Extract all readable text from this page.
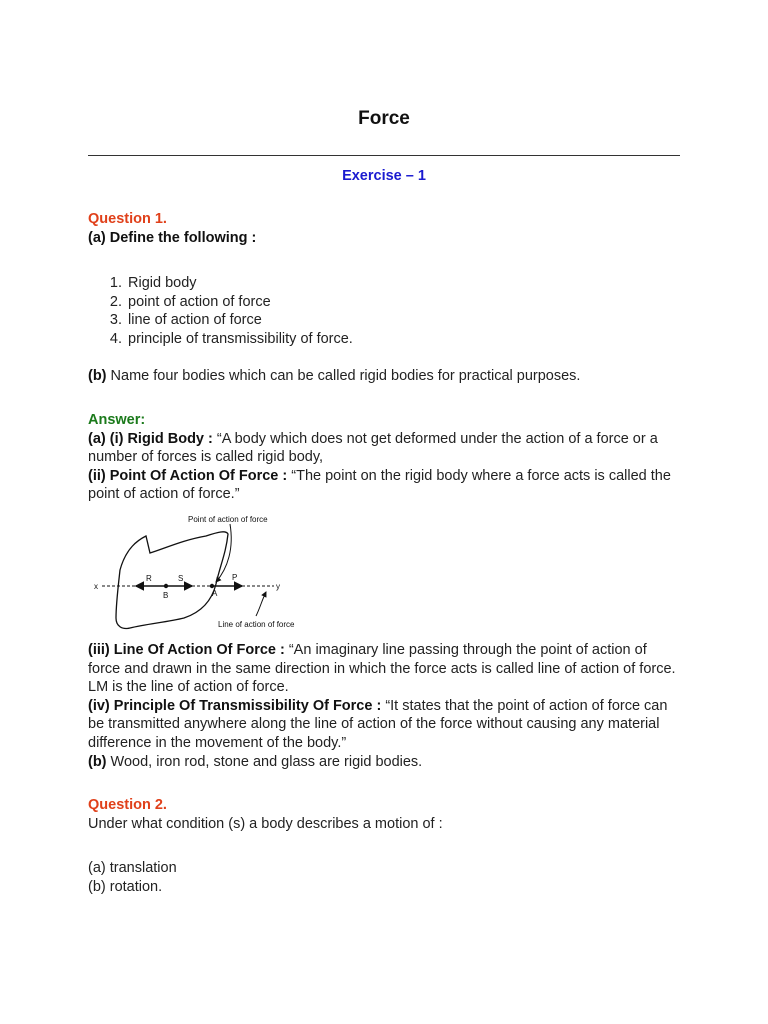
Force
Exercise – 1
Question 1.
(a) Define the following :
1. Rigid body
2. point of action of force
3. line of action of force
4. principle of transmissibility of force.
(b) Name four bodies which can be called rigid bodies for practical purposes.
Answer:
(a) (i) Rigid Body : “A body which does not get deformed under the action of a force or a number of forces is called rigid body,
(ii) Point Of Action Of Force : “The point on the rigid body where a force acts is called the point of action of force.”
Point of action of force
Line of action of force
x	y
R	S
B	A
P
(iii) Line Of Action Of Force : “An imaginary line passing through the point of action of force and drawn in the same direction in which the force acts is called line of action of force. LM is the line of action of force.
(iv) Principle Of Transmissibility Of Force : “It states that the point of action of force can be transmitted anywhere along the line of action of the force without causing any material difference in the movement of the body.”
(b) Wood, iron rod, stone and glass are rigid bodies.
Question 2.
Under what condition (s) a body describes a motion of :
(a) translation
(b) rotation.
